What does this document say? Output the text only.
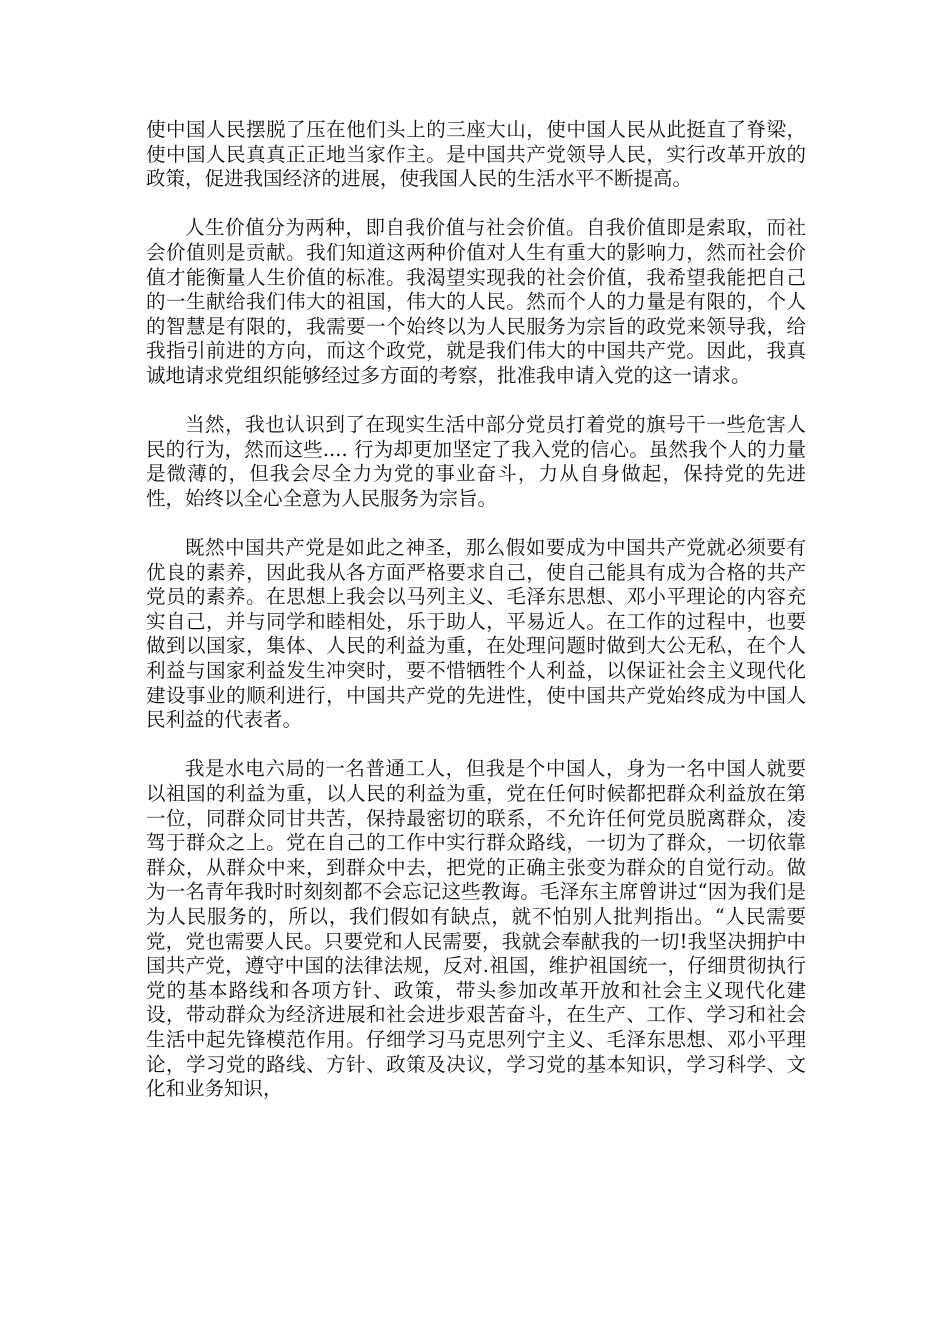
使中国人民摆脱了压在他们头上的三座大山，使中国人民从此挺直了脊梁，使中国人民真真正正地当家作主。是中国共产党领导人民，实行改革开放的政策，促进我国经济的进展，使我国人民的生活水平不断提高。

人生价值分为两种，即自我价值与社会价值。自我价值即是索取，而社会价值则是贡献。我们知道这两种价值对人生有重大的影响力，然而社会价值才能衡量人生价值的标准。我渴望实现我的社会价值，我希望我能把自己的一生献给我们伟大的祖国，伟大的人民。然而个人的力量是有限的，个人的智慧是有限的，我需要一个始终以为人民服务为宗旨的政党来领导我，给我指引前进的方向，而这个政党，就是我们伟大的中国共产党。因此，我真诚地请求党组织能够经过多方面的考察，批准我申请入党的这一请求。

当然，我也认识到了在现实生活中部分党员打着党的旗号干一些危害人民的行为，然而这些.... 行为却更加坚定了我入党的信心。虽然我个人的力量是微薄的，但我会尽全力为党的事业奋斗，力从自身做起，保持党的先进性，始终以全心全意为人民服务为宗旨。

既然中国共产党是如此之神圣，那么假如要成为中国共产党就必须要有优良的素养，因此我从各方面严格要求自己，使自己能具有成为合格的共产党员的素养。在思想上我会以马列主义、毛泽东思想、邓小平理论的内容充实自己，并与同学和睦相处，乐于助人，平易近人。在工作的过程中，也要做到以国家，集体、人民的利益为重，在处理问题时做到大公无私，在个人利益与国家利益发生冲突时，要不惜牺牲个人利益，以保证社会主义现代化建设事业的顺利进行，中国共产党的先进性，使中国共产党始终成为中国人民利益的代表者。

我是水电六局的一名普通工人，但我是个中国人，身为一名中国人就要以祖国的利益为重，以人民的利益为重，党在任何时候都把群众利益放在第一位，同群众同甘共苦，保持最密切的联系，不允许任何党员脱离群众，凌驾于群众之上。党在自己的工作中实行群众路线，一切为了群众，一切依靠群众，从群众中来，到群众中去，把党的正确主张变为群众的自觉行动。做为一名青年我时时刻刻都不会忘记这些教诲。毛泽东主席曾讲过“因为我们是为人民服务的，所以，我们假如有缺点，就不怕别人批判指出。“人民需要党，党也需要人民。只要党和人民需要，我就会奉献我的一切!我坚决拥护中国共产党，遵守中国的法律法规，反对.祖国，维护祖国统一，仔细贯彻执行党的基本路线和各项方针、政策，带头参加改革开放和社会主义现代化建设，带动群众为经济进展和社会进步艰苦奋斗，在生产、工作、学习和社会生活中起先锋模范作用。仔细学习马克思列宁主义、毛泽东思想、邓小平理论，学习党的路线、方针、政策及决议，学习党的基本知识，学习科学、文化和业务知识，
